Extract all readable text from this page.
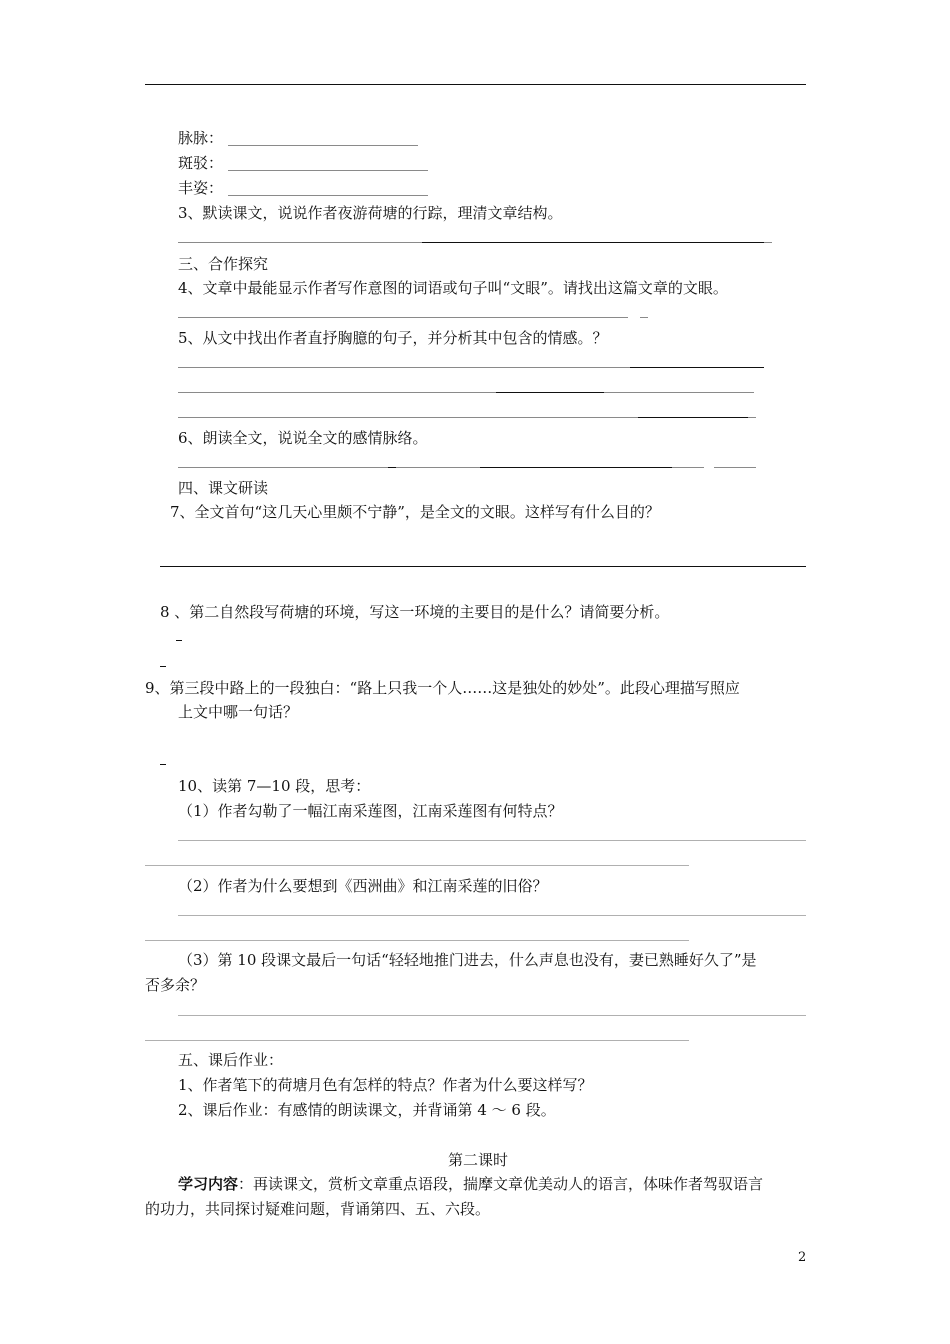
脉脉：
斑驳：
丰姿：
3、默读课文，说说作者夜游荷塘的行踪，理清文章结构。
三、合作探究
4、文章中最能显示作者写作意图的词语或句子叫“文眼”。请找出这篇文章的文眼。
5、从文中找出作者直抒胸臆的句子，并分析其中包含的情感。？
6、朗读全文，说说全文的感情脉络。
四、课文研读
7、全文首句“这几天心里颇不宁静”，是全文的文眼。这样写有什么目的？
8 、第二自然段写荷塘的环境，写这一环境的主要目的是什么？请简要分析。
9、第三段中路上的一段独白：“路上只我一个人……这是独处的妙处”。此段心理描写照应
上文中哪一句话？
10、读第 7—10 段，思考：
（1）作者勾勒了一幅江南采莲图，江南采莲图有何特点？
（2）作者为什么要想到《西洲曲》和江南采莲的旧俗？
（3）第 10 段课文最后一句话“轻轻地推门进去，什么声息也没有，妻已熟睡好久了”是
否多余？
五、课后作业：
1、作者笔下的荷塘月色有怎样的特点？作者为什么要这样写？
2、课后作业：有感情的朗读课文，并背诵第 4 ～ 6 段。
第二课时
学习内容：再读课文，赏析文章重点语段，揣摩文章优美动人的语言，体味作者驾驭语言
的功力，共同探讨疑难问题，背诵第四、五、六段。
2
